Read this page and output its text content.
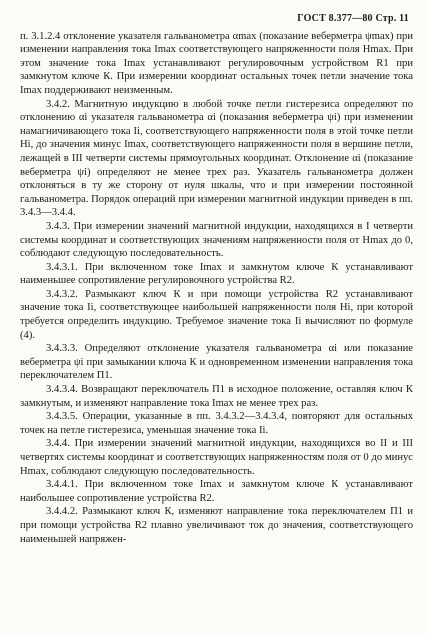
ГОСТ 8.377—80 Стр. 11

п. 3.1.2.4 отклонение указателя гальванометра αmax (показание веберметра ψmax) при изменении направления тока Imax соответствующего напряженности поля Hmax. При этом значение тока Imax устанавливают регулировочным устройством R1 при замкнутом ключе К. При измерении координат остальных точек петли значение тока Imax поддерживают неизменным.

3.4.2. Магнитную индукцию в любой точке петли гистерезиса определяют по отклонению αi указателя гальванометра αi (показания веберметра ψi) при изменении намагничивающего тока Ii, соответствующего напряженности поля в этой точке петли Hi, до значения минус Imax, соответствующего напряженности поля в вершине петли, лежащей в III четверти системы прямоугольных координат. Отклонение αi (показание веберметра ψi) определяют не менее трех раз. Указатель гальванометра должен отклоняться в ту же сторону от нуля шкалы, что и при измерении постоянной гальванометра. Порядок операций при измерении магнитной индукции приведен в пп. 3.4.3—3.4.4.

3.4.3. При измерении значений магнитной индукции, находящихся в I четверти системы координат и соответствующих значениям напряженности поля от Hmax до 0, соблюдают следующую последовательность.

3.4.3.1. При включенном токе Imax и замкнутом ключе К устанавливают наименьшее сопротивление регулировочного устройства R2.

3.4.3.2. Размыкают ключ К и при помощи устройства R2 устанавливают значение тока Ii, соответствующее наибольшей напряженности поля Hi, при которой требуется определить индукцию. Требуемое значение тока Ii вычисляют по формуле (4).

3.4.3.3. Определяют отклонение указателя гальванометра αi или показание веберметра ψi при замыкании ключа К и одновременном изменении направления тока переключателем П1.

3.4.3.4. Возвращают переключатель П1 в исходное положение, оставляя ключ К замкнутым, и изменяют направление тока Imax не менее трех раз.

3.4.3.5. Операции, указанные в пп. 3.4.3.2—3.4.3.4, повторяют для остальных точек на петле гистерезиса, уменьшая значение тока Ii.

3.4.4. При измерении значений магнитной индукции, находящихся во II и III четвертях системы координат и соответствующих напряженностям поля от 0 до минус Hmax, соблюдают следующую последовательность.

3.4.4.1. При включенном токе Imax и замкнутом ключе К устанавливают наибольшее сопротивление устройства R2.

3.4.4.2. Размыкают ключ К, изменяют направление тока переключателем П1 и при помощи устройства R2 плавно увеличивают ток до значения, соответствующего наименьшей напряжен-
